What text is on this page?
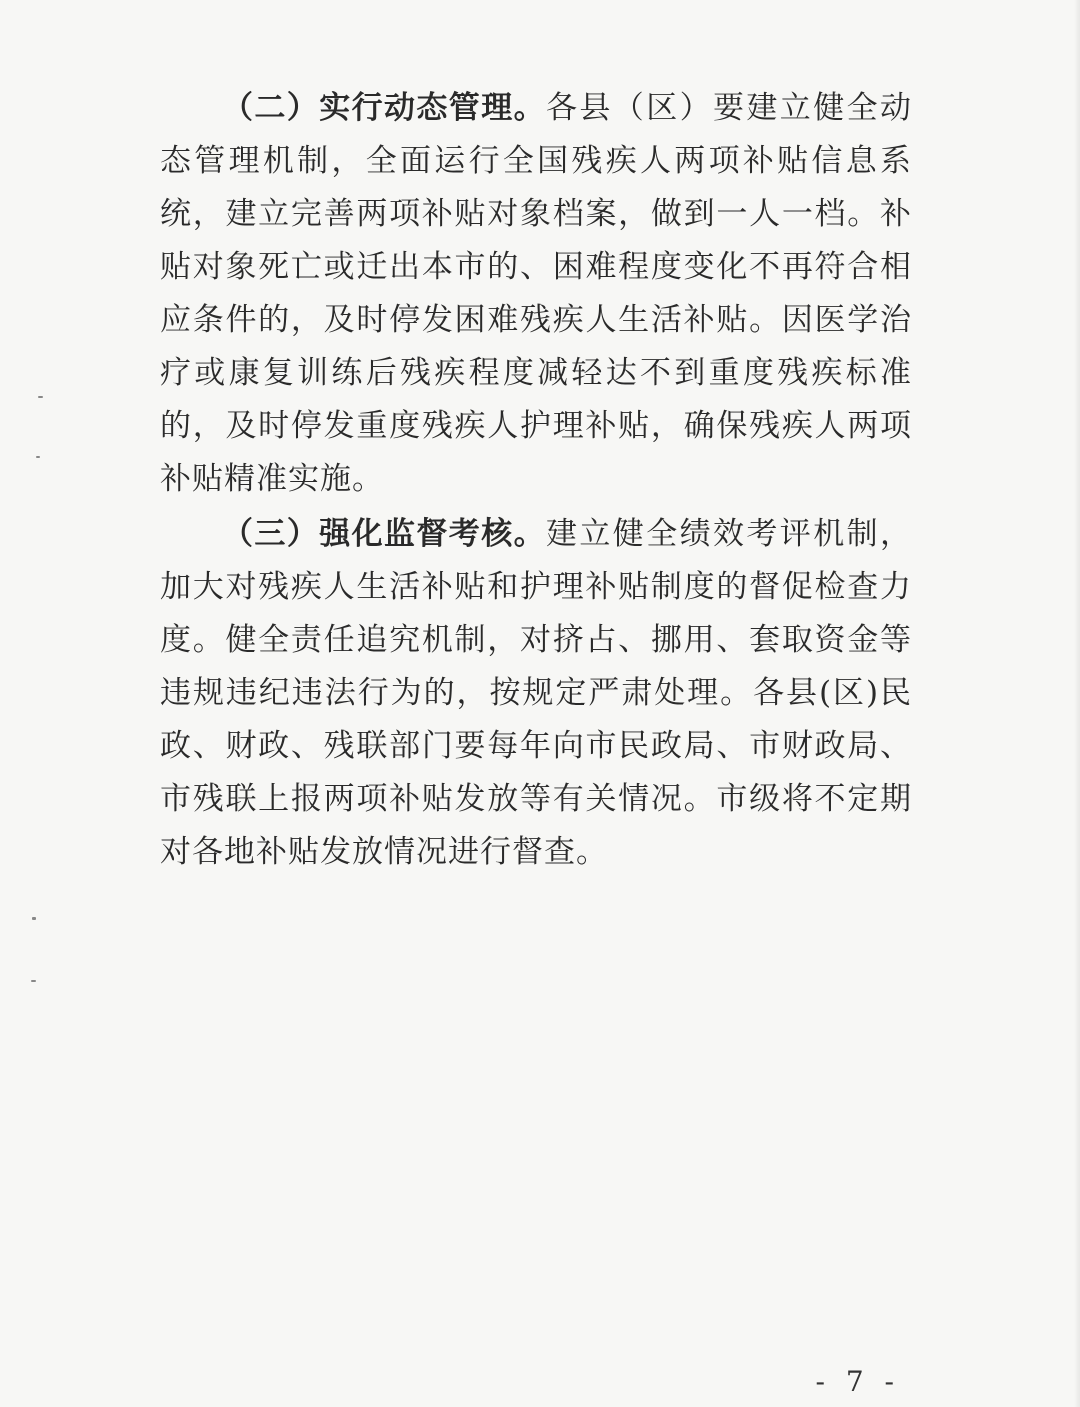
（二）实行动态管理。各县（区）要建立健全动态管理机制，全面运行全国残疾人两项补贴信息系统，建立完善两项补贴对象档案，做到一人一档。补贴对象死亡或迁出本市的、困难程度变化不再符合相应条件的，及时停发困难残疾人生活补贴。因医学治疗或康复训练后残疾程度减轻达不到重度残疾标准的，及时停发重度残疾人护理补贴，确保残疾人两项补贴精准实施。

（三）强化监督考核。建立健全绩效考评机制，加大对残疾人生活补贴和护理补贴制度的督促检查力度。健全责任追究机制，对挤占、挪用、套取资金等违规违纪违法行为的，按规定严肃处理。各县(区)民政、财政、残联部门要每年向市民政局、市财政局、市残联上报两项补贴发放等有关情况。市级将不定期对各地补贴发放情况进行督查。

- 7 -
